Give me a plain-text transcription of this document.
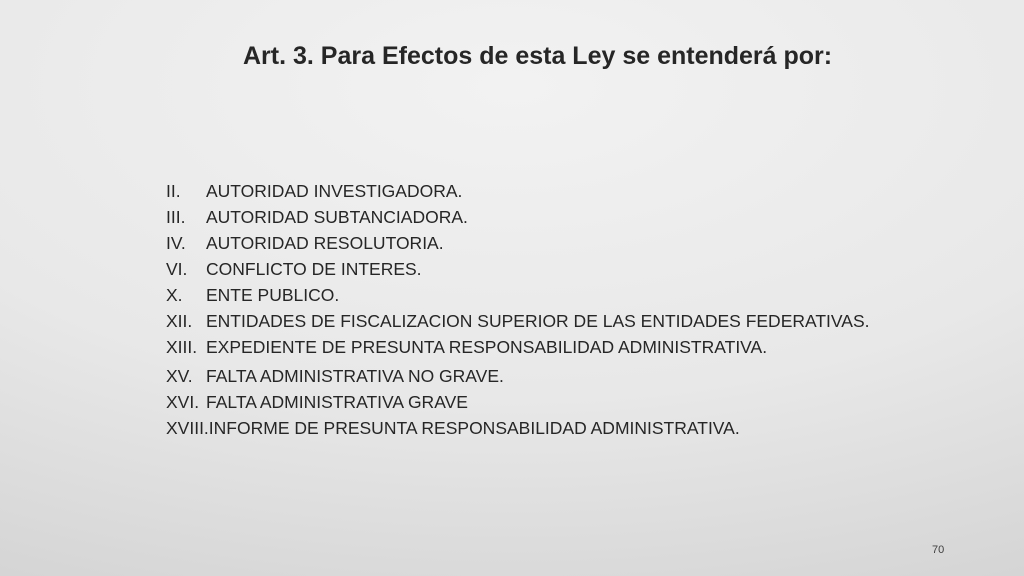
Art. 3. Para Efectos de esta Ley se entenderá por:
II. AUTORIDAD INVESTIGADORA.
III. AUTORIDAD SUBTANCIADORA.
IV. AUTORIDAD RESOLUTORIA.
VI. CONFLICTO DE INTERES.
X. ENTE PUBLICO.
XII. ENTIDADES DE FISCALIZACION SUPERIOR DE LAS ENTIDADES FEDERATIVAS.
XIII. EXPEDIENTE DE PRESUNTA RESPONSABILIDAD ADMINISTRATIVA.
XV. FALTA ADMINISTRATIVA NO GRAVE.
XVI. FALTA ADMINISTRATIVA GRAVE
XVIII.INFORME DE PRESUNTA RESPONSABILIDAD ADMINISTRATIVA.
70
